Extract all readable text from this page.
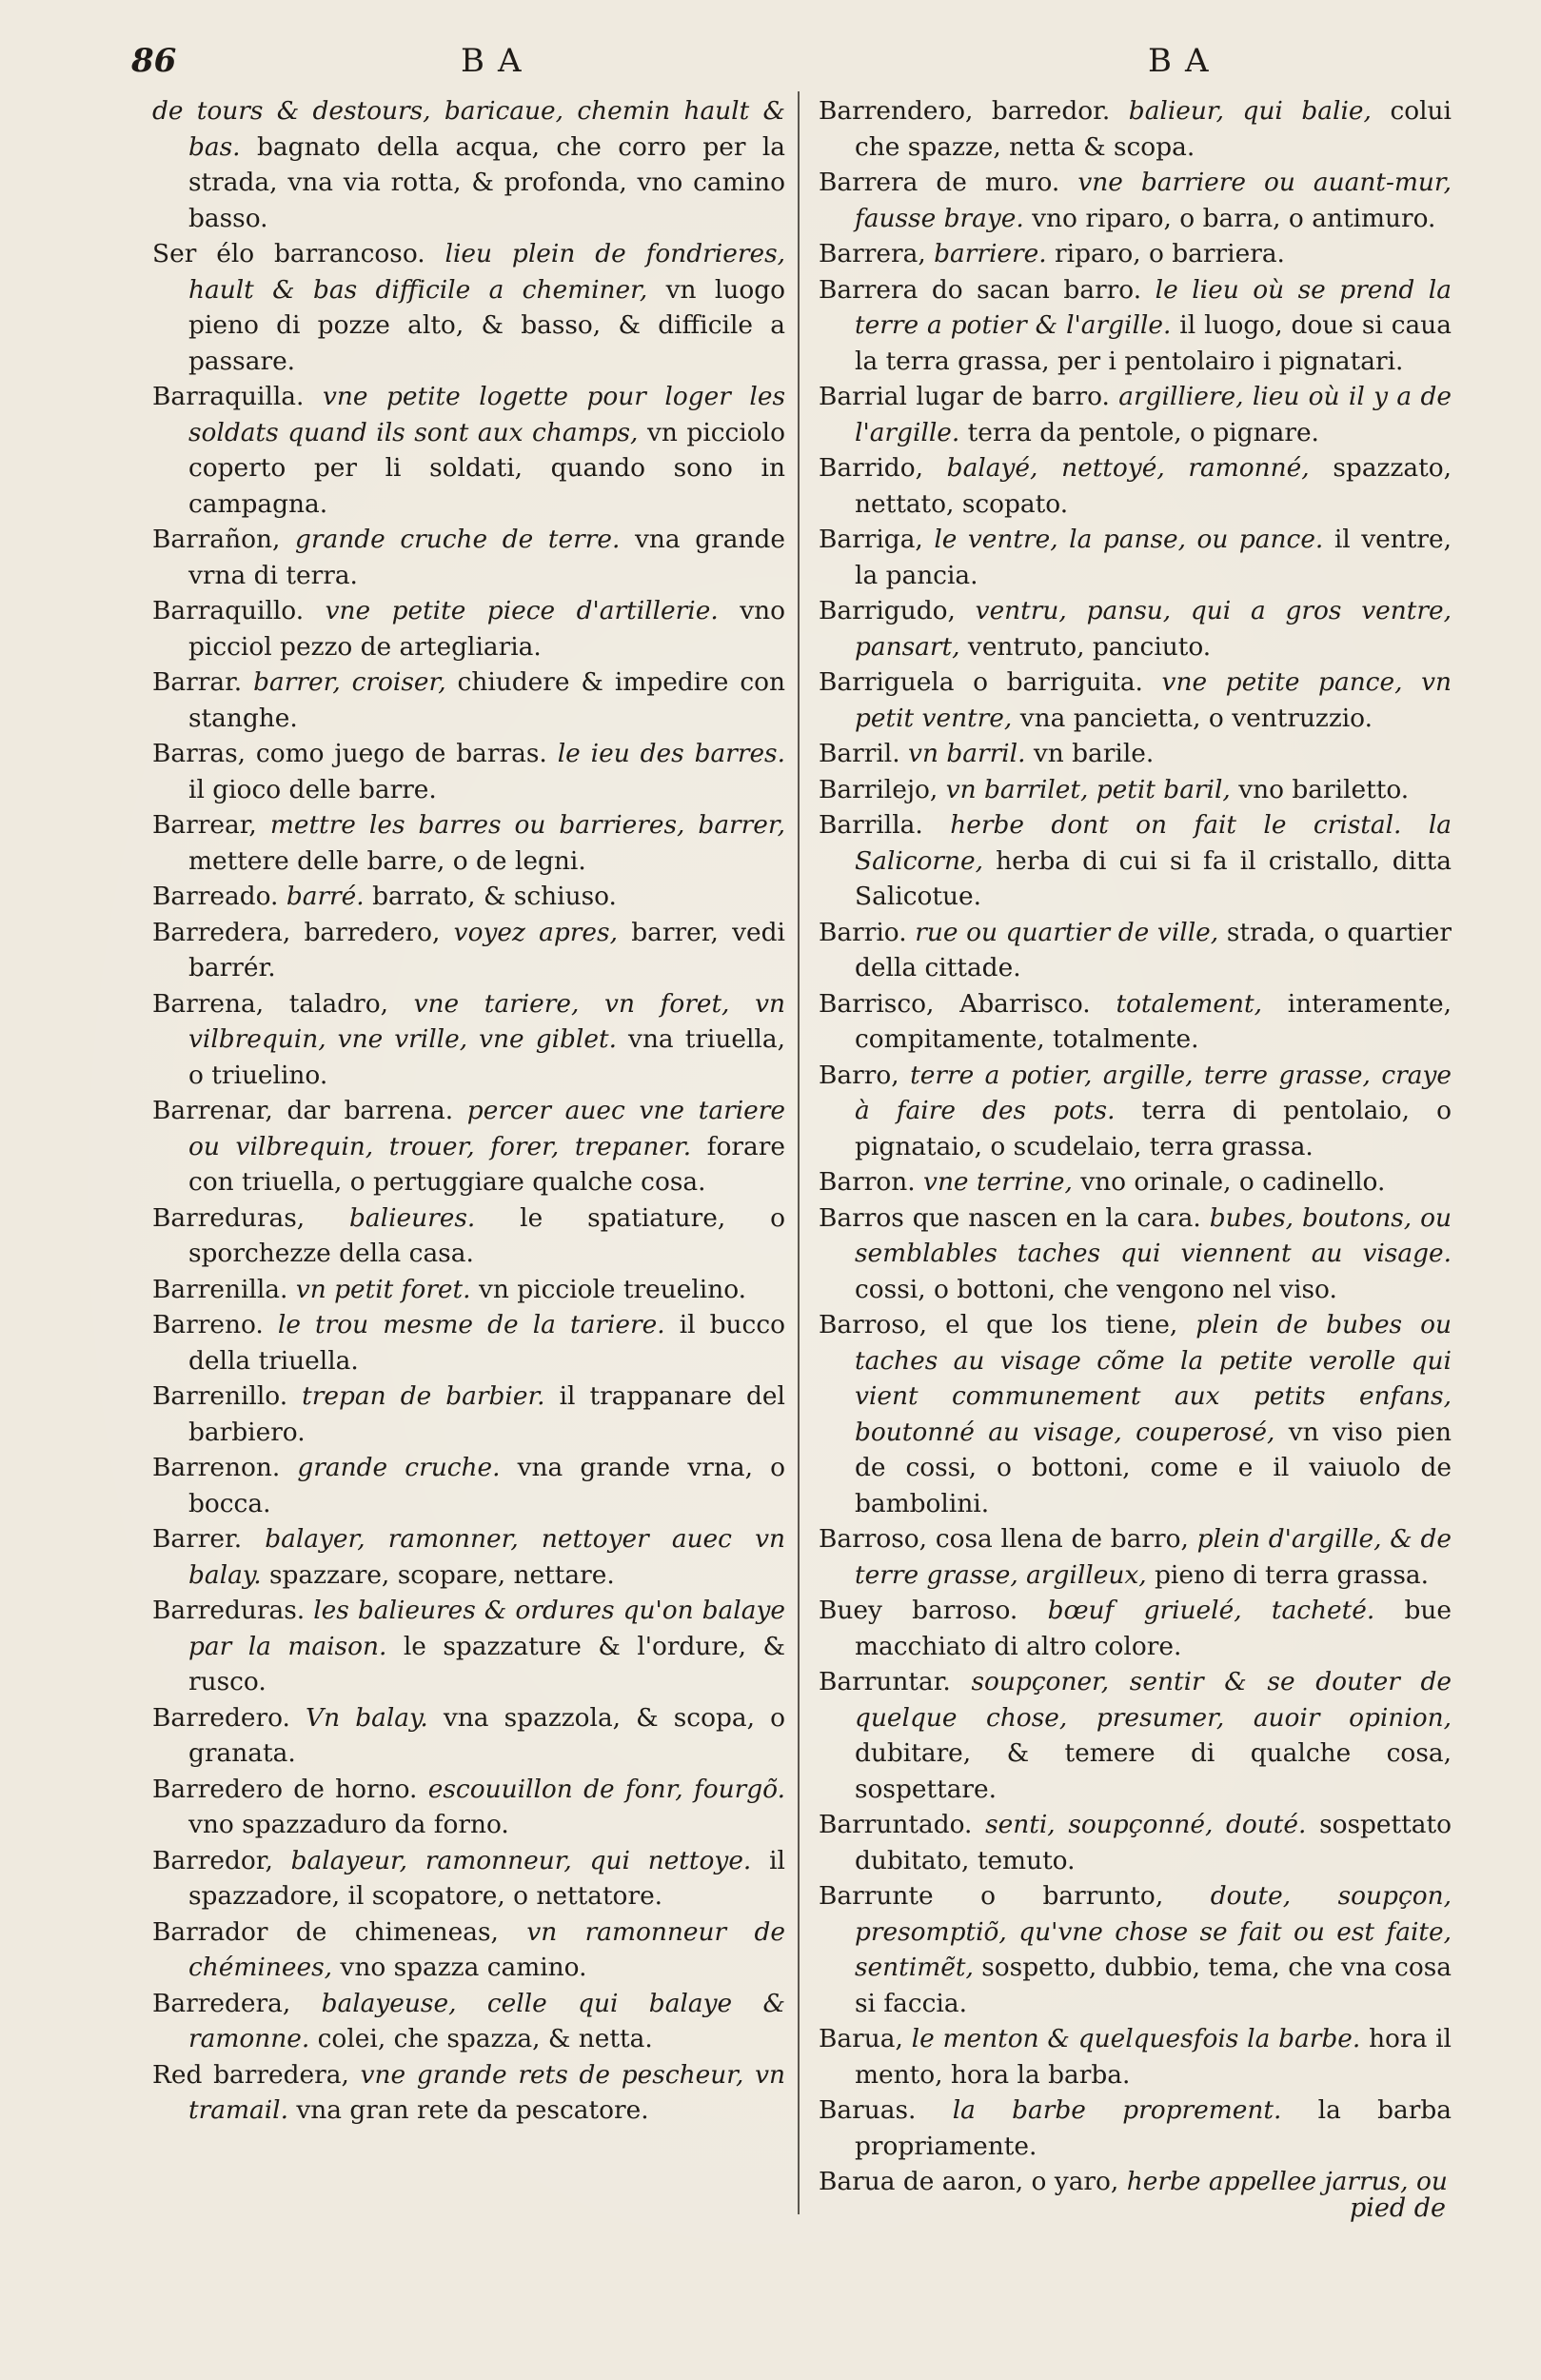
86	BA	BA

de tours & destours, baricaue, chemin hault & bas. bagnato della acqua, che corro per la strada, vna via rotta, & profonda, vno camino basso.

Ser élo barrancoso. lieu plein de fondrieres, hault & bas difficile a cheminer, vn luogo pieno di pozze alto, & basso, & difficile a passare.

Barraquilla. vne petite logette pour loger les soldats quand ils sont aux champs, vn picciolo coperto per li soldati, quando sono in campagna.

Barrañon, grande cruche de terre. vna grande vrna di terra.

Barraquillo. vne petite piece d'artillerie. vno picciol pezzo de artegliaria.

Barrar. barrer, croiser, chiudere & impedire con stanghe.

Barras, como juego de barras. le ieu des barres. il gioco delle barre.

Barrear, mettre les barres ou barrieres, barrer, mettere delle barre, o de legni.

Barreado. barré. barrato, & schiuso.

Barredera, barredero, voyez apres, barrer, vedi barrér.

Barrena, taladro, vne tariere, vn foret, vn vilbrequin, vne vrille, vne giblet. vna triuella, o triuelino.

Barrenar, dar barrena. percer auec vne tariere ou vilbrequin, trouer, forer, trepaner. forare con triuella, o pertuggiare qualche cosa.

Barreduras, balieures. le spatiature, o sporchezze della casa.

Barrenilla. vn petit foret. vn picciole treuelino.

Barreno. le trou mesme de la tariere. il bucco della triuella.

Barrenillo. trepan de barbier. il trappanare del barbiero.

Barrenon. grande cruche. vna grande vrna, o bocca.

Barrer. balayer, ramonner, nettoyer auec vn balay. spazzare, scopare, nettare.

Barreduras. les balieures & ordures qu'on balaye par la maison. le spazzature & l'ordure, & rusco.

Barredero. Vn balay. vna spazzola, & scopa, o granata.

Barredero de horno. escouuillon de fonr, fourgõ. vno spazzaduro da forno.

Barredor, balayeur, ramonneur, qui nettoye. il spazzadore, il scopatore, o nettatore.

Barrador de chimeneas, vn ramonneur de chéminees, vno spazza camino.

Barredera, balayeuse, celle qui balaye & ramonne. colei, che spazza, & netta.

Red barredera, vne grande rets de pescheur, vn tramail. vna gran rete da pescatore.

Barrendero, barredor. balieur, qui balie, colui che spazze, netta & scopa.

Barrera de muro. vne barriere ou auant-mur, fausse braye. vno riparo, o barra, o antimuro.

Barrera, barriere. riparo, o barriera.

Barrera do sacan barro. le lieu où se prend la terre a potier & l'argille. il luogo, doue si caua la terra grassa, per i pentolairo i pignatari.

Barrial lugar de barro. argilliere, lieu où il y a de l'argille. terra da pentole, o pignare.

Barrido, balayé, nettoyé, ramonné, spazzato, nettato, scopato.

Barriga, le ventre, la panse, ou pance. il ventre, la pancia.

Barrigudo, ventru, pansu, qui a gros ventre, pansart, ventruto, panciuto.

Barriguela o barriguita. vne petite pance, vn petit ventre, vna pancietta, o ventruzzio.

Barril. vn barril. vn barile.

Barrilejo, vn barrilet, petit baril, vno bariletto.

Barrilla. herbe dont on fait le cristal. la Salicorne, herba di cui si fa il cristallo, ditta Salicotue.

Barrio. rue ou quartier de ville, strada, o quartier della cittade.

Barrisco, Abarrisco. totalement, interamente, compitamente, totalmente.

Barro, terre a potier, argille, terre grasse, craye à faire des pots. terra di pentolaio, o pignataio, o scudelaio, terra grassa.

Barron. vne terrine, vno orinale, o cadinello.

Barros que nascen en la cara. bubes, boutons, ou semblables taches qui viennent au visage. cossi, o bottoni, che vengono nel viso.

Barroso, el que los tiene, plein de bubes ou taches au visage cõme la petite verolle qui vient communement aux petits enfans, boutonné au visage, couperosé, vn viso pien de cossi, o bottoni, come e il vaiuolo de bambolini.

Barroso, cosa llena de barro, plein d'argille, & de terre grasse, argilleux, pieno di terra grassa.

Buey barroso. bœuf griuelé, tacheté. bue macchiato di altro colore.

Barruntar. soupçoner, sentir & se douter de quelque chose, presumer, auoir opinion, dubitare, & temere di qualche cosa, sospettare.

Barruntado. senti, soupçonné, douté. sospettato dubitato, temuto.

Barrunte o barrunto, doute, soupçon, presomptiõ, qu'vne chose se fait ou est faite, sentimẽt, sospetto, dubbio, tema, che vna cosa si faccia.

Barua, le menton & quelquesfois la barbe. hora il mento, hora la barba.

Baruas. la barbe proprement. la barba propriamente.

Barua de aaron, o yaro, herbe appellee jarrus, ou

pied de
